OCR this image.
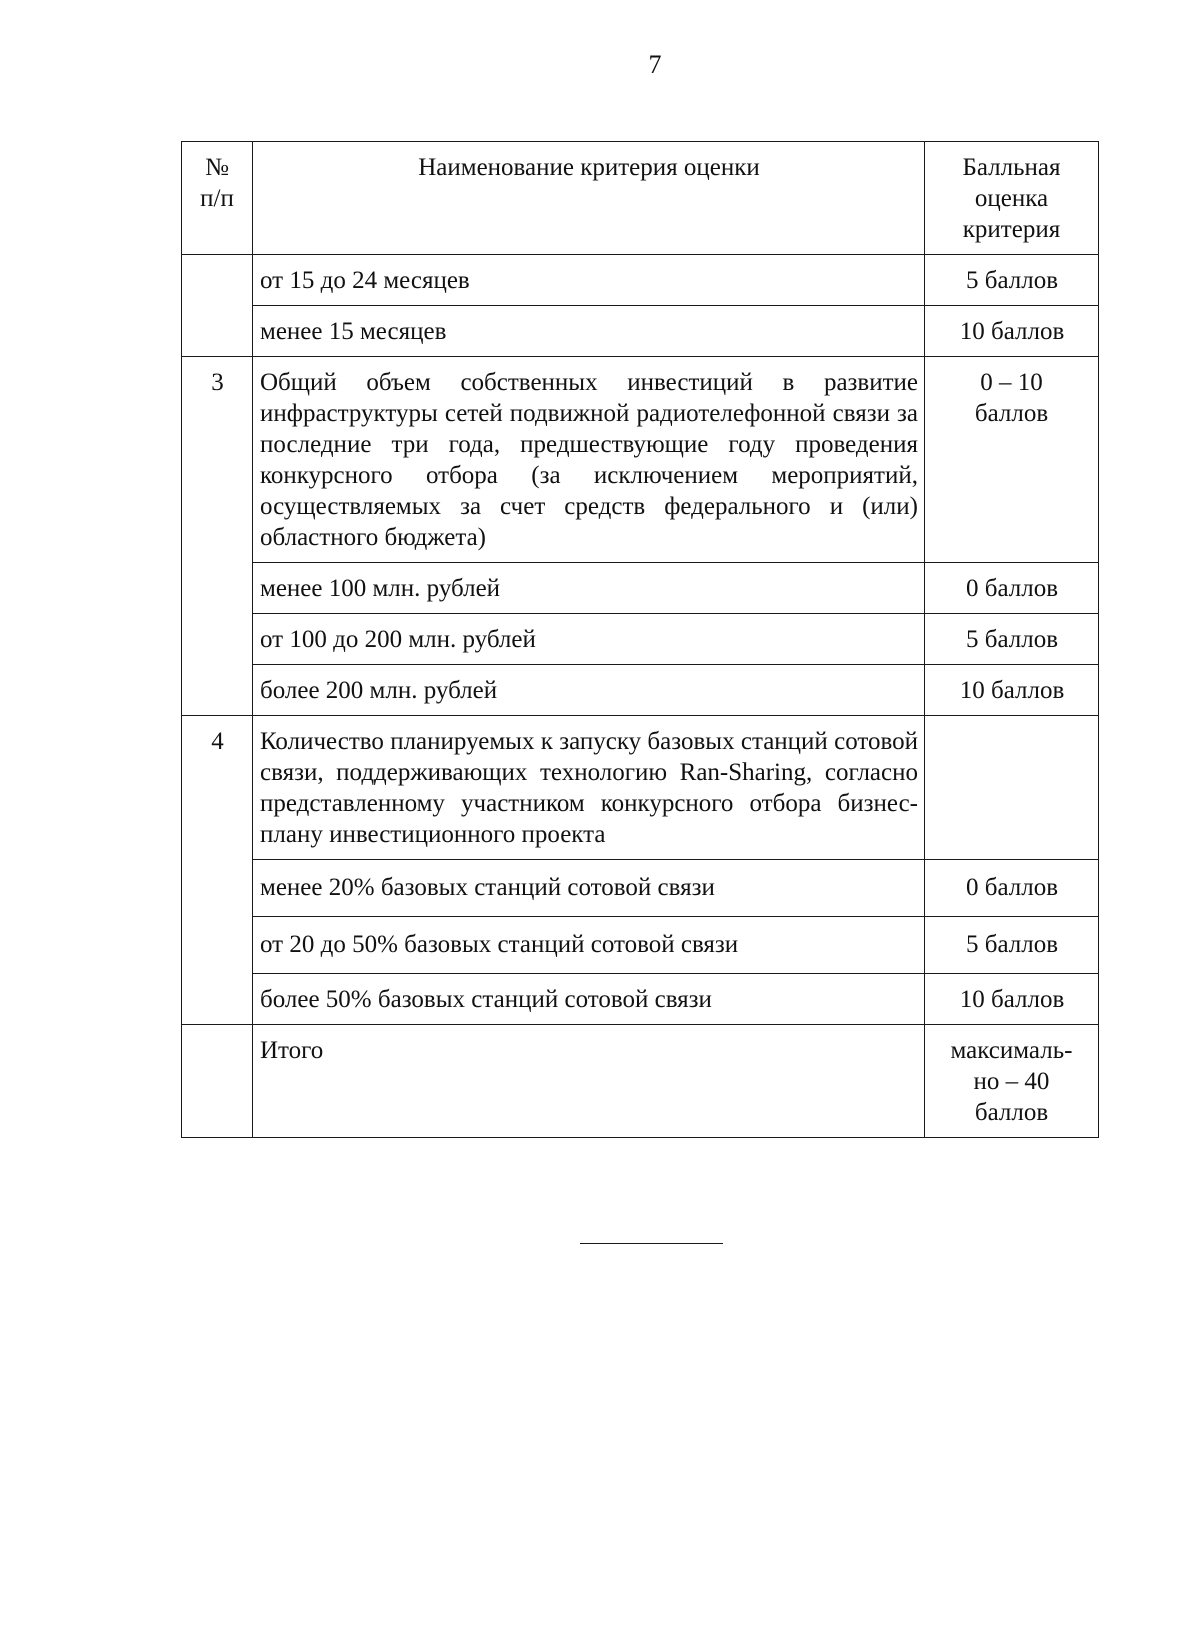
7
№ п/п	Наименование критерия оценки	Балльная оценка критерия
	от 15 до 24 месяцев	5 баллов
	менее 15 месяцев	10 баллов
3	Общий объем собственных инвестиций в развитие инфраструктуры сетей подвижной радиотелефонной связи за последние три года, предшествующие году проведения конкурсного отбора (за исключением мероприятий, осуществляемых за счет средств федерального и (или) областного бюджета)	0 – 10 баллов
	менее 100 млн. рублей	0 баллов
	от 100 до 200 млн. рублей	5 баллов
	более 200 млн. рублей	10 баллов
4	Количество планируемых к запуску базовых станций сотовой связи, поддерживающих технологию Ran-Sharing, согласно представленному участником конкурсного отбора бизнес-плану инвестиционного проекта	
	менее 20% базовых станций сотовой связи	0 баллов
	от 20 до 50% базовых станций сотовой связи	5 баллов
	более 50% базовых станций сотовой связи	10 баллов
	Итого	максималь-но – 40 баллов
